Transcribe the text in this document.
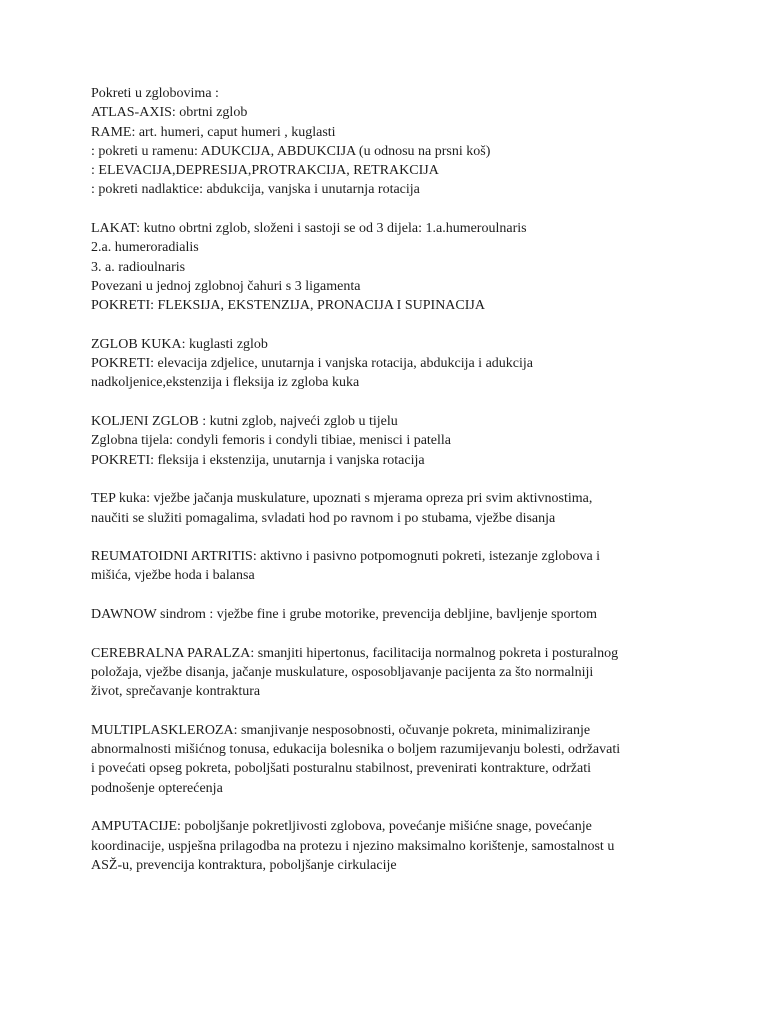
Pokreti u zglobovima :
ATLAS-AXIS: obrtni zglob
RAME: art. humeri, caput humeri , kuglasti
: pokreti u ramenu: ADUKCIJA, ABDUKCIJA (u odnosu na prsni koš)
: ELEVACIJA,DEPRESIJA,PROTRAKCIJA, RETRAKCIJA
: pokreti nadlaktice: abdukcija, vanjska i unutarnja rotacija
LAKAT: kutno obrtni zglob, složeni i sastoji se od 3 dijela: 1.a.humeroulnaris
2.a. humeroradialis
3. a. radioulnaris
Povezani u jednoj zglobnoj čahuri s 3 ligamenta
POKRETI: FLEKSIJA, EKSTENZIJA, PRONACIJA I SUPINACIJA
ZGLOB KUKA: kuglasti zglob
POKRETI: elevacija zdjelice, unutarnja i vanjska rotacija, abdukcija i adukcija
nadkoljenice,ekstenzija i fleksija iz zgloba kuka
KOLJENI ZGLOB : kutni zglob, najveći zglob u tijelu
Zglobna tijela: condyli femoris i condyli tibiae, menisci i patella
POKRETI: fleksija i ekstenzija, unutarnja i vanjska rotacija
TEP kuka: vježbe jačanja muskulature, upoznati s mjerama opreza pri svim aktivnostima,
naučiti se služiti pomagalima, svladati hod po ravnom i po stubama, vježbe disanja
REUMATOIDNI ARTRITIS: aktivno i pasivno potpomognuti pokreti, istezanje zglobova i
mišića, vježbe hoda i balansa
DAWNOW sindrom : vježbe fine i grube motorike, prevencija debljine, bavljenje sportom
CEREBRALNA PARALZA: smanjiti hipertonus, facilitacija normalnog pokreta i posturalnog
položaja, vježbe disanja, jačanje muskulature, osposobljavanje pacijenta za što normalniji
život, sprečavanje kontraktura
MULTIPLASKLEROZA: smanjivanje nesposobnosti, očuvanje pokreta, minimaliziranje
abnormalnosti mišićnog tonusa, edukacija bolesnika o boljem razumijevanju bolesti, održavati
i povećati opseg pokreta, poboljšati posturalnu stabilnost, prevenirati kontrakture, održati
podnošenje opterećenja
AMPUTACIJE: poboljšanje pokretljivosti zglobova, povećanje mišićne snage, povećanje
koordinacije, uspješna prilagodba na protezu i njezino maksimalno korištenje, samostalnost u
ASŽ-u, prevencija kontraktura, poboljšanje cirkulacije
